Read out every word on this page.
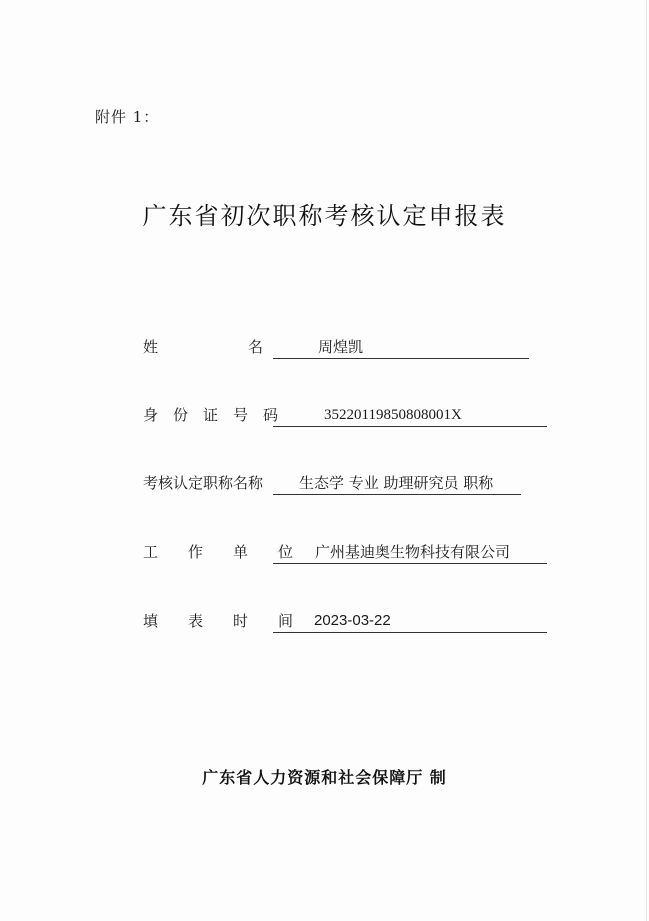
附件 1：
广东省初次职称考核认定申报表
姓　　　　　　名	周煌凯
身　份　证　号　码	35220119850808001X
考核认定职称名称 生态学 专业 助理研究员 职称
工　　作　　单　　位 广州基迪奥生物科技有限公司
填　　表　　时　　间 2023-03-22
广东省人力资源和社会保障厅 制
